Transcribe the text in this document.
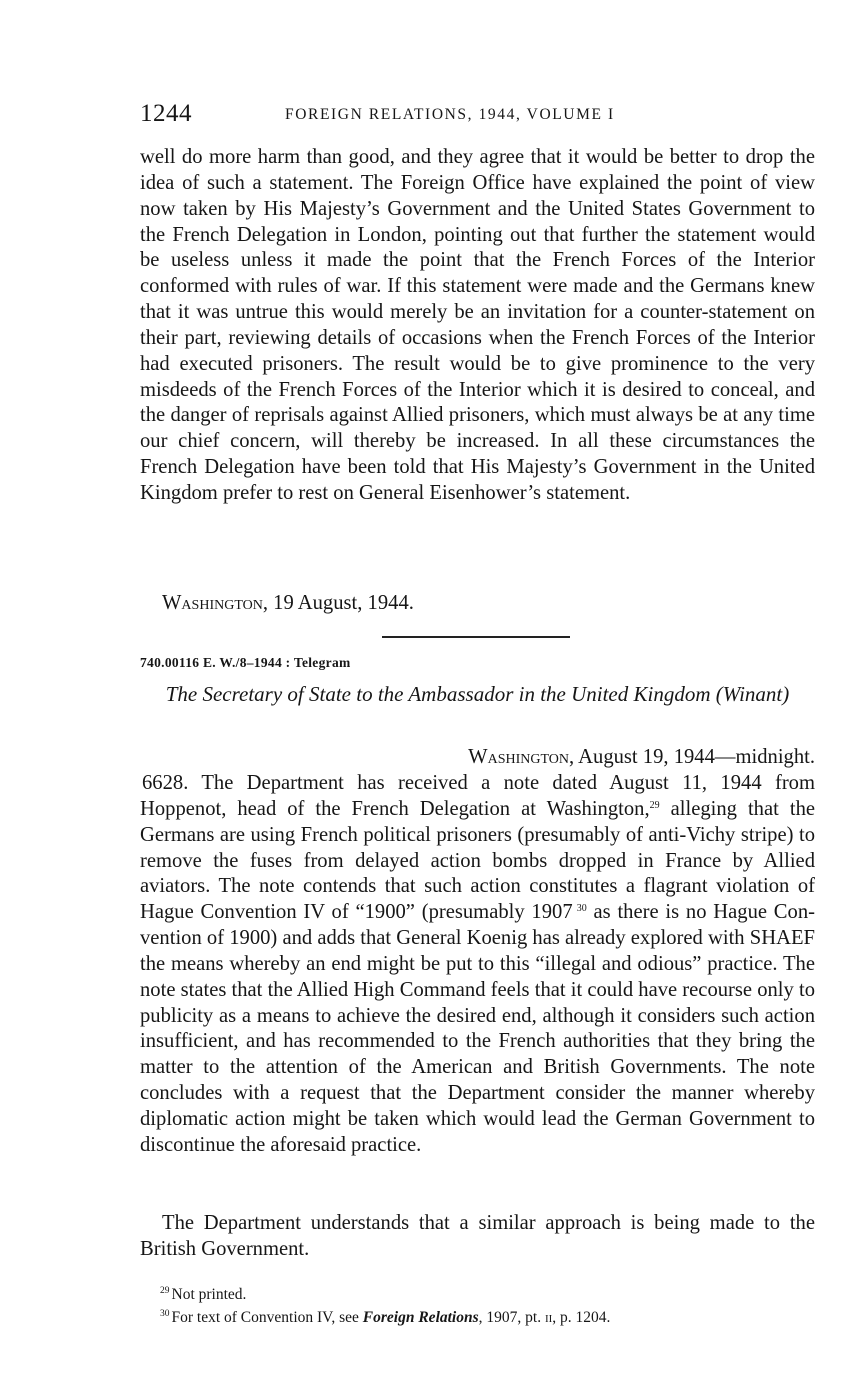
1244	FOREIGN RELATIONS, 1944, VOLUME I

well do more harm than good, and they agree that it would be better to drop the idea of such a statement. The Foreign Office have explained the point of view now taken by His Majesty’s Government and the United States Government to the French Delegation in London, pointing out that further the statement would be useless unless it made the point that the French Forces of the Interior conformed with rules of war. If this statement were made and the Germans knew that it was untrue this would merely be an invitation for a counter-statement on their part, reviewing details of occasions when the French Forces of the Interior had executed prisoners. The result would be to give prominence to the very misdeeds of the French Forces of the Interior which it is desired to conceal, and the danger of reprisals against Allied prisoners, which must always be at any time our chief concern, will thereby be increased. In all these circumstances the French Delegation have been told that His Majesty’s Government in the United Kingdom prefer to rest on General Eisenhower’s statement.

Washington, 19 August, 1944.
740.00116 E. W./8–1944 : Telegram
The Secretary of State to the Ambassador in the United Kingdom (Winant)
Washington, August 19, 1944—midnight.

6628. The Department has received a note dated August 11, 1944 from Hoppenot, head of the French Delegation at Washington,$^{29}$ alleging that the Germans are using French political prisoners (presumably of anti-Vichy stripe) to remove the fuses from delayed action bombs dropped in France by Allied aviators. The note contends that such action constitutes a flagrant violation of Hague Convention IV of “1900” (presumably 1907  $^{30}$ as there is no Hague Convention of 1900) and adds that General Koenig has already explored with SHAEF the means whereby an end might be put to this “illegal and odious” practice. The note states that the Allied High Command feels that it could have recourse only to publicity as a means to achieve the desired end, although it considers such action insufficient, and has recommended to the French authorities that they bring the matter to the attention of the American and British Governments. The note concludes with a request that the Department consider the manner whereby diplomatic action might be taken which would lead the German Government to discontinue the aforesaid practice.

The Department understands that a similar approach is being made to the British Government.

$^{29}$ Not printed.
$^{30}$ For text of Convention IV, see Foreign Relations, 1907, pt. ii, p. 1204.
